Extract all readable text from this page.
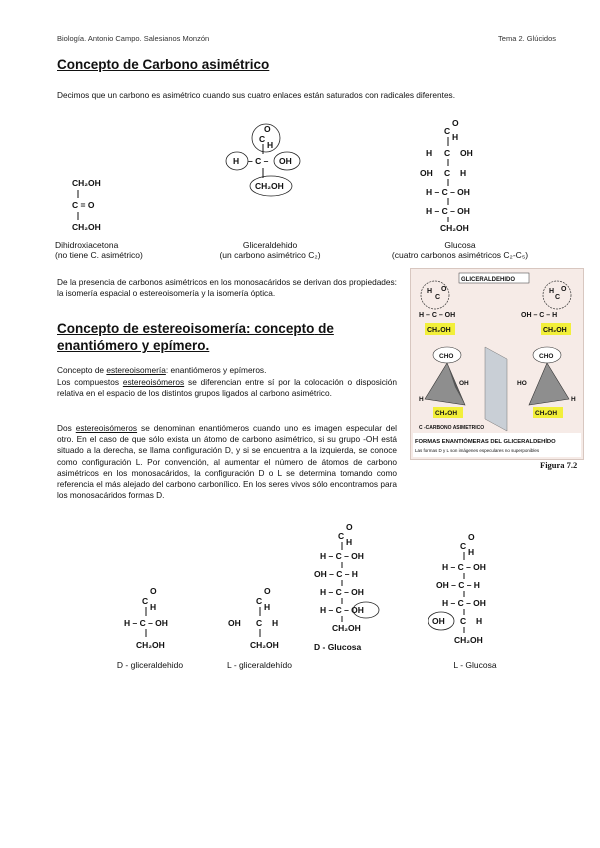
Biología. Antonio Campo. Salesianos Monzón	Tema 2. Glúcidos
Concepto de Carbono asimétrico
Decimos que un carbono es asimétrico cuando sus cuatro enlaces están saturados con radicales diferentes.
CH₂OH
C = O
CH₂OH
O
C
H
H – C – OH
CH₂OH
O
C
H
H C OH
OH C H
H – C – OH
H – C – OH
CH₂OH
Dihidroxiacetona
(no tiene C. asimétrico)
Gliceraldehido
(un carbono asimétrico C₂)
Glucosa
(cuatro carbonos asimétricos C₂-C₅)
De la presencia de carbonos asimétricos en los monosacáridos se derivan dos propiedades: la isomería espacial o estereoisomería y la isomería óptica.
Concepto de estereoisomería: concepto de enantiómero y epímero.
Concepto de estereoisomería: enantiómeros y epímeros.
Los compuestos estereoisómeros se diferencian entre sí por la colocación o disposición relativa en el espacio de los distintos grupos ligados al carbono asimétrico.
Dos estereoisómeros se denominan enantiómeros cuando uno es imagen especular del otro. En el caso de que sólo exista un átomo de carbono asimétrico, si su grupo -OH está situado a la derecha, se llama configuración D, y si se encuentra a la izquierda, se conoce como configuración L. Por convención, al aumentar el número de átomos de carbono asimétricos en los monosacáridos, la configuración D o L se determina tomando como referencia el más alejado del carbono carbonílico. En los seres vivos sólo encontramos para los monosacáridos formas D.
GLICERALDEHIDO
H
C
O
H – C – OH
CH₂OH
H
C
O
OH – C – H
CH₂OH
CHO
H
OH
CH₂OH
CHO
H
HO
CH₂OH
C -CARBONO ASIMETRICO
FORMAS ENANTIÓMERAS DEL GLICERALDEHÍDO
Las formas D y L son imágenes especulares no superponibles
Figura 7.2
O
C
H
H – C – OH
CH₂OH
O
C
H
OH C H
CH₂OH
O
C
H
H – C – OH
OH – C – H
H – C – OH
H – C – OH
CH₂OH
D - Glucosa
O
C
H
H – C – OH
OH – C – H
H – C – OH
OH C H
CH₂OH
D - gliceraldehido	L - gliceraldehído	L - Glucosa
